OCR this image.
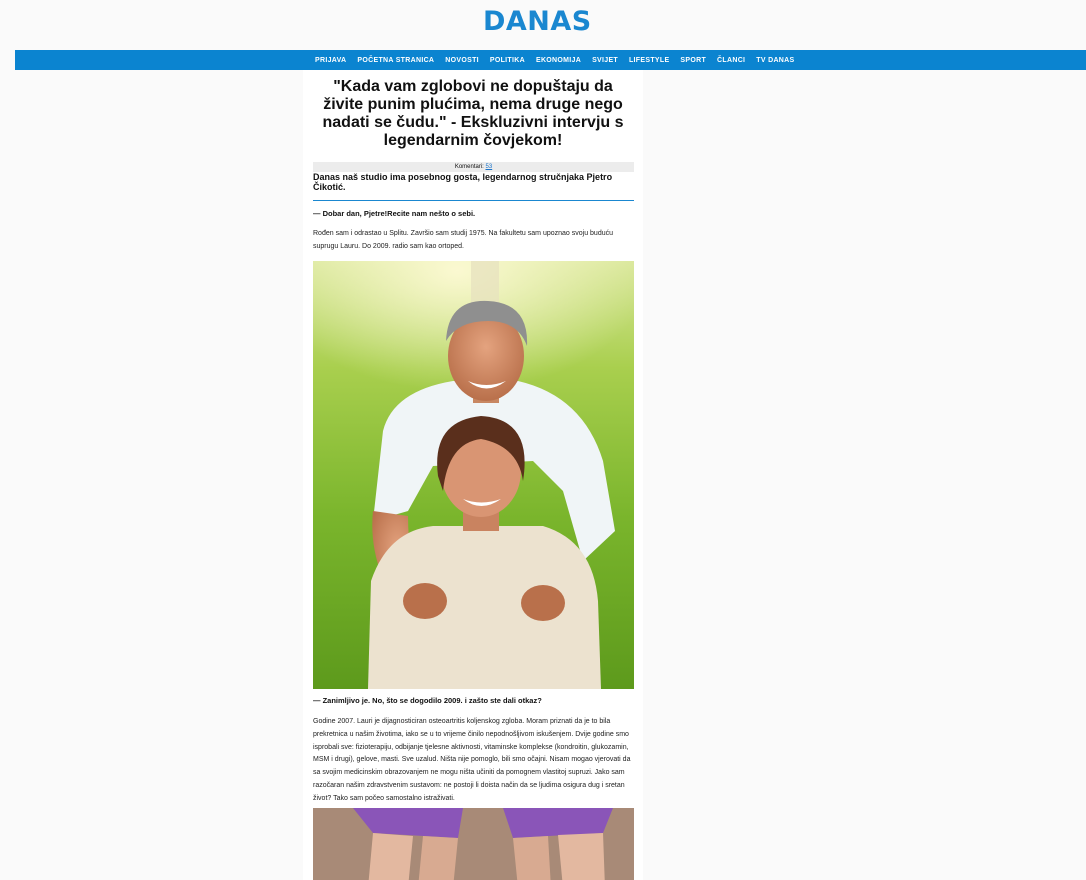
DANAS
PRIJAVA POČETNA STRANICA NOVOSTI POLITIKA EKONOMIJA SVIJET LIFESTYLE SPORT ČLANCI TV DANAS
"Kada vam zglobovi ne dopuštaju da živite punim plućima, nema druge nego nadati se čudu." - Ekskluzivni intervju s legendarnim čovjekom!
Komentari: 53
Danas naš studio ima posebnog gosta, legendarnog stručnjaka Pjetro Čikotić.
— Dobar dan, Pjetre!Recite nam nešto o sebi.
Rođen sam i odrastao u Splitu. Završio sam studij 1975. Na fakultetu sam upoznao svoju buduću suprugu Lauru. Do 2009. radio sam kao ortoped.
— Zanimljivo je. No, što se dogodilo 2009. i zašto ste dali otkaz?
Godine 2007. Lauri je dijagnosticiran osteoartritis koljenskog zgloba. Moram priznati da je to bila prekretnica u našim životima, iako se u to vrijeme činilo nepodnošljivom iskušenjem. Dvije godine smo isprobali sve: fizioterapiju, odbijanje tjelesne aktivnosti, vitaminske komplekse (kondroitin, glukozamin, MSM i drugi), gelove, masti. Sve uzalud. Ništa nije pomoglo, bili smo očajni. Nisam mogao vjerovati da sa svojim medicinskim obrazovanjem ne mogu ništa učiniti da pomognem vlastitoj supruzi. Jako sam razočaran našim zdravstvenim sustavom: ne postoji li doista način da se ljudima osigura dug i sretan život? Tako sam počeo samostalno istraživati.
